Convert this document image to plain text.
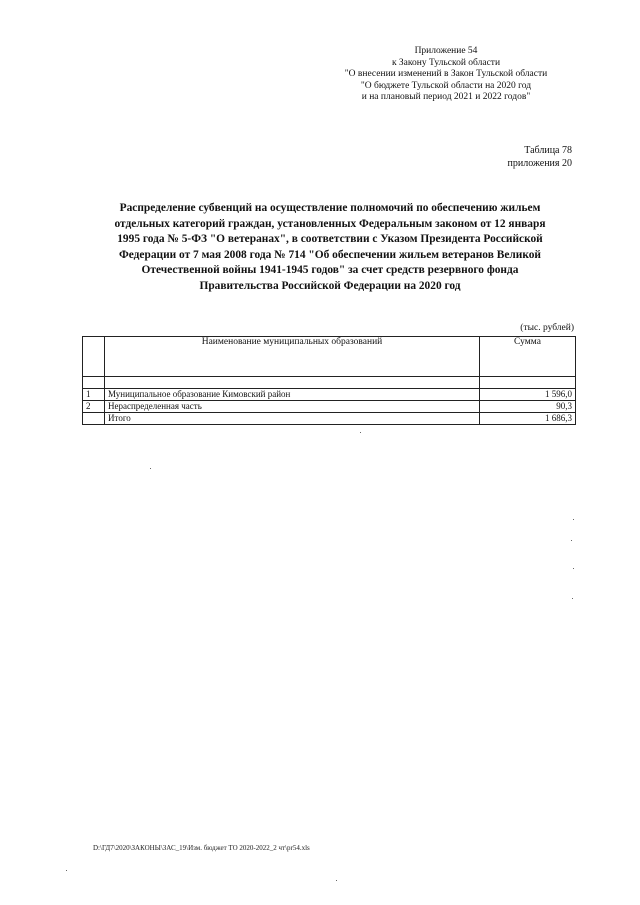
Приложение 54
к Закону Тульской области
"О внесении изменений в Закон Тульской области
"О бюджете Тульской области на 2020 год
и на плановый период 2021 и 2022 годов"
Таблица 78
приложения 20
Распределение субвенций на осуществление полномочий по обеспечению жильем
отдельных категорий граждан, установленных Федеральным законом от 12 января
1995 года № 5-ФЗ "О ветеранах", в соответствии с Указом Президента Российской
Федерации от 7 мая 2008 года № 714 "Об обеспечении жильем ветеранов Великой
Отечественной войны 1941-1945 годов" за счет средств резервного фонда
Правительства Российской Федерации на 2020 год
(тыс. рублей)
	Наименование муниципальных образований	Сумма

1	Муниципальное образование Кимовский район	1 596,0
2	Нераспределенная часть	90,3
	Итого	1 686,3
D:\ГД7\2020\ЗАКОНЫ\ЗАС_19\Изм. бюджет ТО 2020-2022_2 чт\pr54.xls
